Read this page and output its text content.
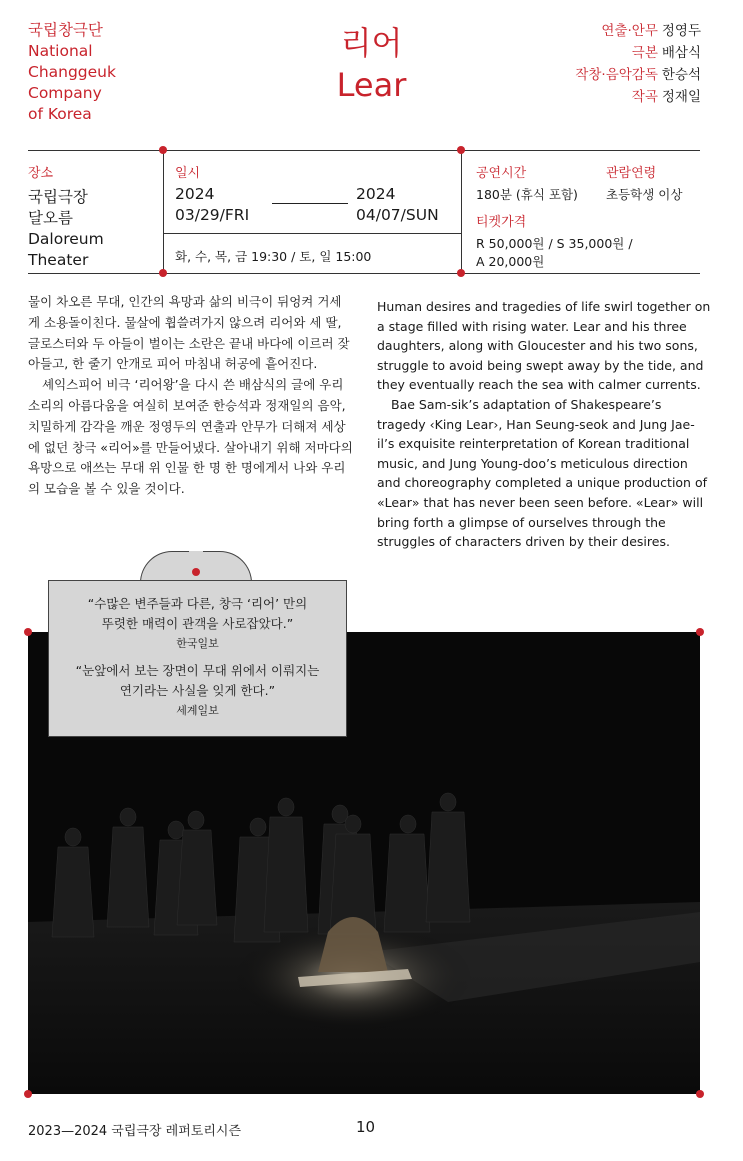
국립창극단
National
Changgeuk
Company
of Korea
리어
Lear
연출·안무 정영두
극본 배삼식
작창·음악감독 한승석
작곡 정재일
장소
국립극장
달오름
Daloreum
Theater
일시
2024
03/29/FRI
2024
04/07/SUN
화, 수, 목, 금 19:30 / 토, 일 15:00
공연시간
180분 (휴식 포함)
관람연령
초등학생 이상
티켓가격
R 50,000원 / S 35,000원 /
A 20,000원

물이 차오른 무대, 인간의 욕망과 삶의 비극이 뒤엉켜 거세게 소용돌이친다. 물살에 휩쓸려가지 않으려 리어와 세 딸, 글로스터와 두 아들이 벌이는 소란은 끝내 바다에 이르러 잦아들고, 한 줄기 안개로 피어 마침내 허공에 흩어진다.

셰익스피어 비극 ‘리어왕’을 다시 쓴 배삼식의 글에 우리 소리의 아름다움을 여실히 보여준 한승석과 정재일의 음악, 치밀하게 감각을 깨운 정영두의 연출과 안무가 더해져 세상에 없던 창극 «리어»를 만들어냈다. 살아내기 위해 저마다의 욕망으로 애쓰는 무대 위 인물 한 명 한 명에게서 나와 우리의 모습을 볼 수 있을 것이다.

Human desires and tragedies of life swirl together on a stage filled with rising water. Lear and his three daughters, along with Gloucester and his two sons, struggle to avoid being swept away by the tide, and they eventually reach the sea with calmer currents.

Bae Sam-sik’s adaptation of Shakespeare’s tragedy ‹King Lear›, Han Seung-seok and Jung Jae-il’s exquisite reinterpretation of Korean traditional music, and Jung Young-doo’s meticulous direction and choreography completed a unique production of «Lear» that has never been seen before. «Lear» will bring forth a glimpse of ourselves through the struggles of characters driven by their desires.

“수많은 변주들과 다른, 창극 ‘리어’ 만의
뚜렷한 매력이 관객을 사로잡았다.”
한국일보
“눈앞에서 보는 장면이 무대 위에서 이뤄지는
연기라는 사실을 잊게 한다.”
세계일보
2023—2024 국립극장 레퍼토리시즌	10
